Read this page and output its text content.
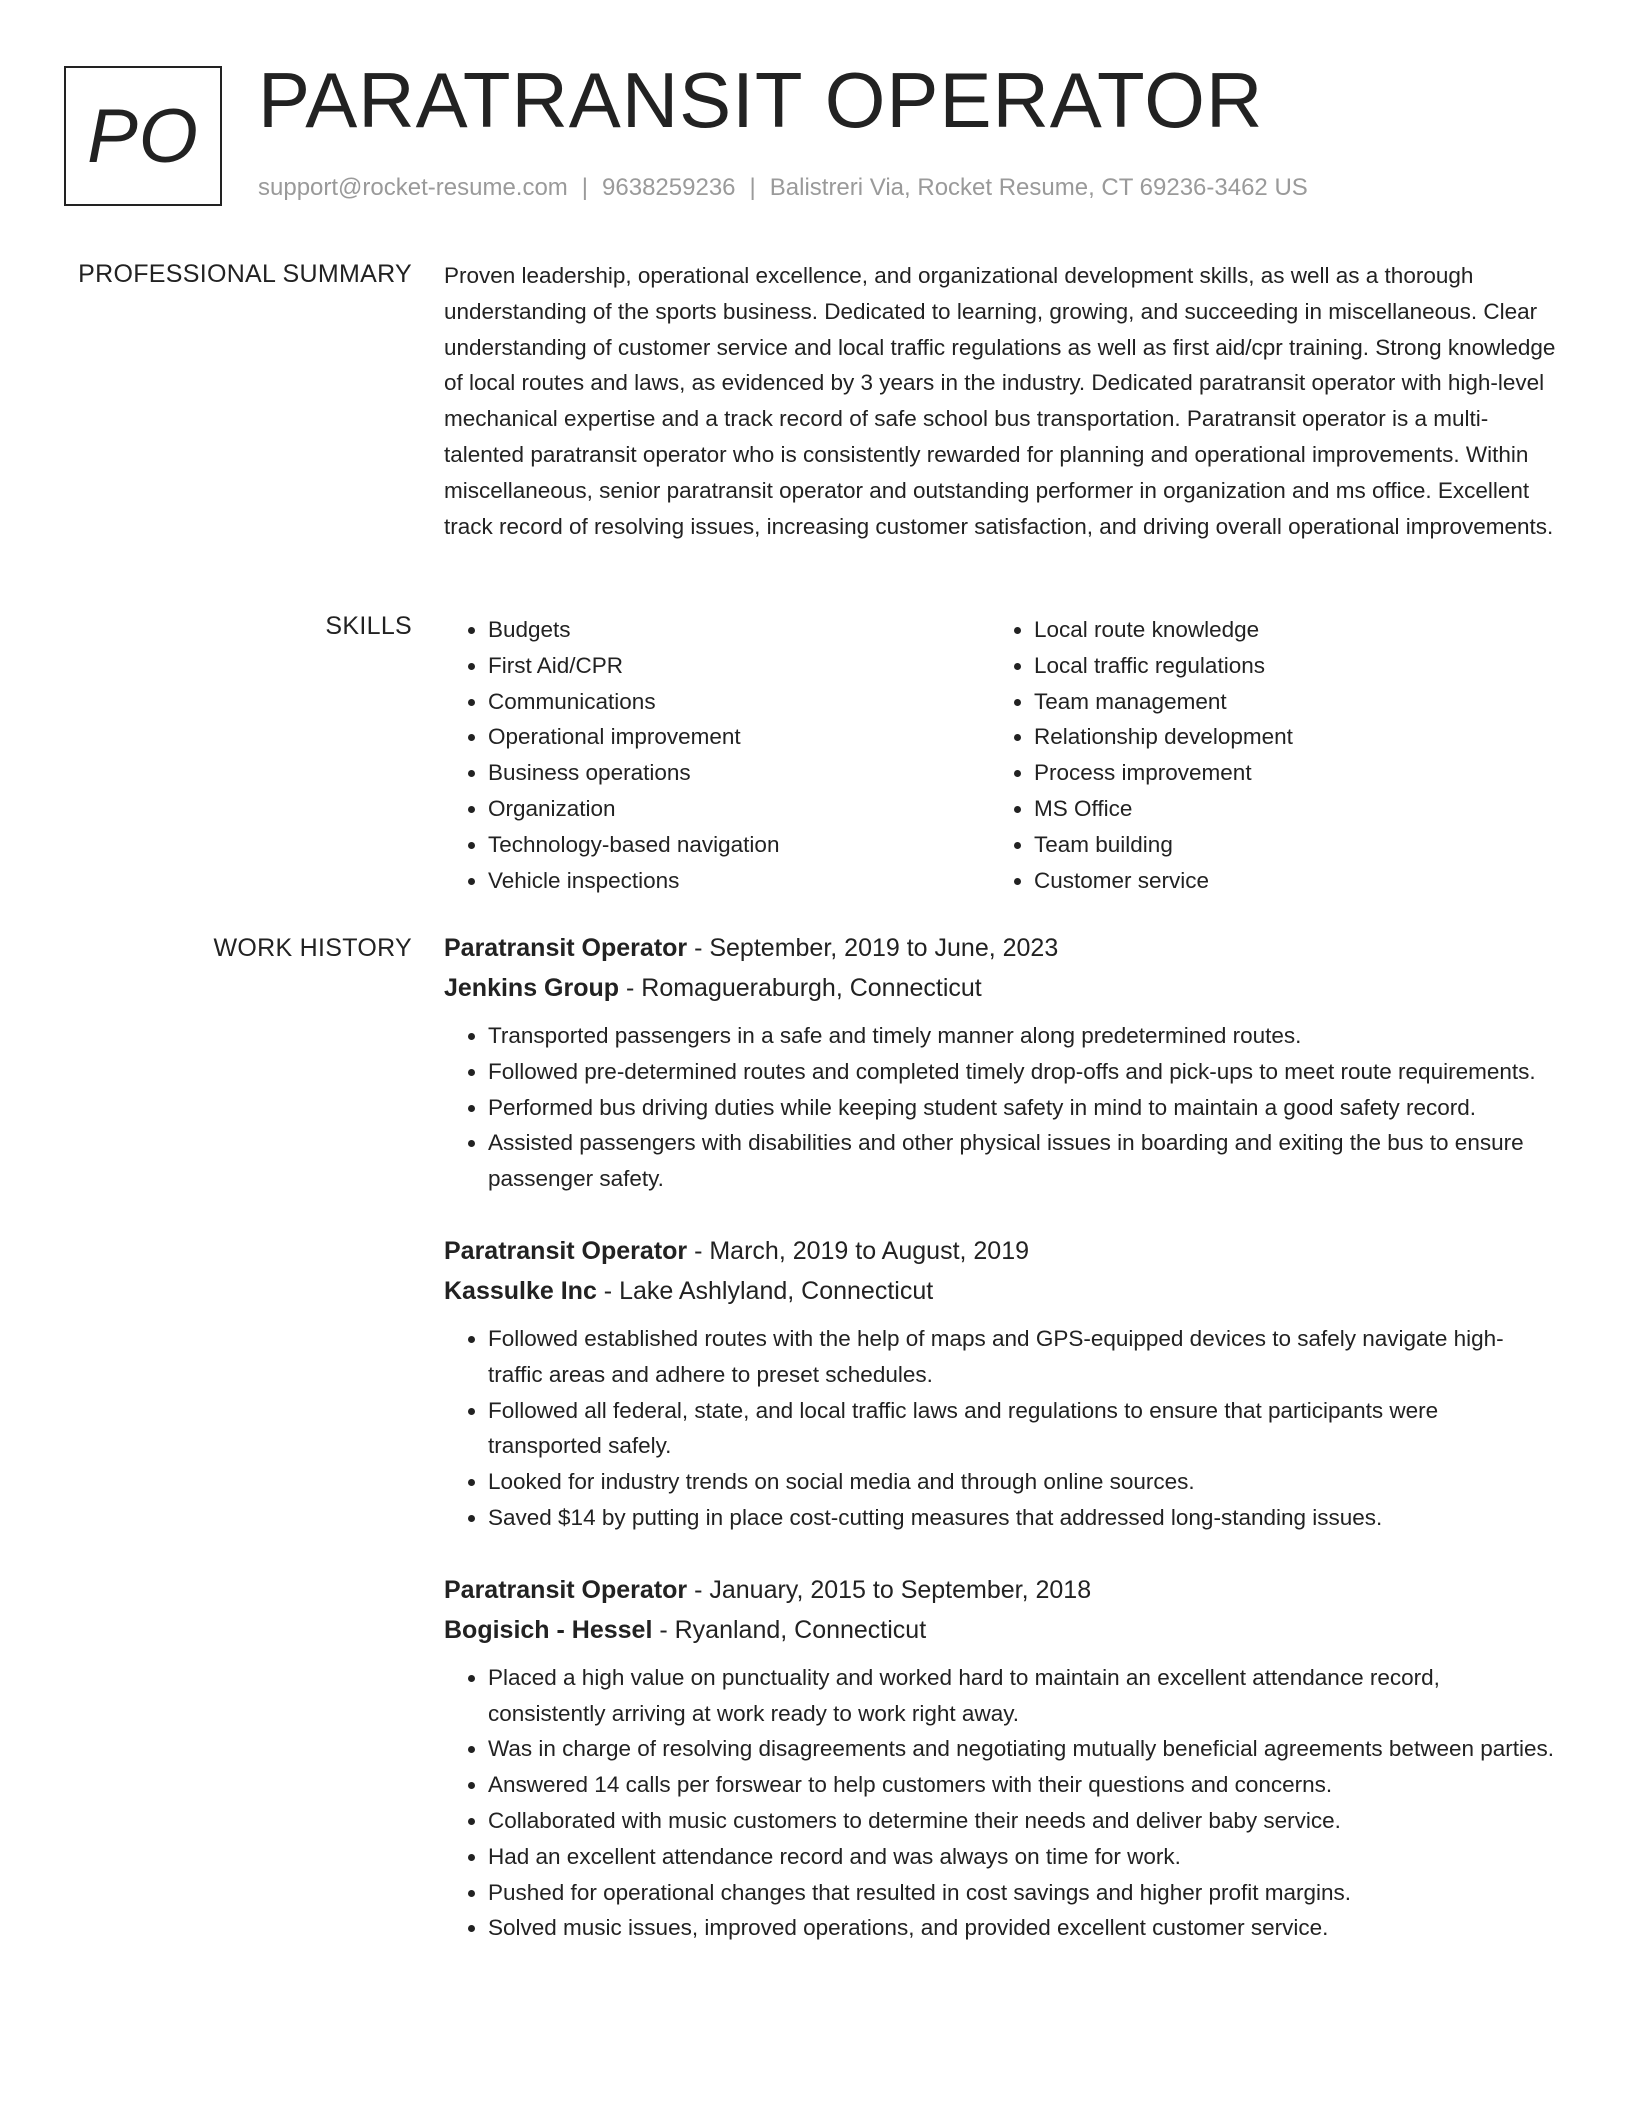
PO PARATRANSIT OPERATOR
support@rocket-resume.com | 9638259236 | Balistreri Via, Rocket Resume, CT 69236-3462 US
PROFESSIONAL SUMMARY Proven leadership, operational excellence, and organizational development skills, as well as a thorough understanding of the sports business. Dedicated to learning, growing, and succeeding in miscellaneous. Clear understanding of customer service and local traffic regulations as well as first aid/cpr training. Strong knowledge of local routes and laws, as evidenced by 3 years in the industry. Dedicated paratransit operator with high-level mechanical expertise and a track record of safe school bus transportation. Paratransit operator is a multi-talented paratransit operator who is consistently rewarded for planning and operational improvements. Within miscellaneous, senior paratransit operator and outstanding performer in organization and ms office. Excellent track record of resolving issues, increasing customer satisfaction, and driving overall operational improvements.

SKILLS
•	Budgets
• First Aid/CPR
• Communications
• Operational improvement
• Business operations
• Organization
• Technology-based navigation
• Vehicle inspections
• Local route knowledge
• Local traffic regulations
• Team management
• Relationship development
• Process improvement
• MS Office
• Team building
• Customer service
WORK HISTORY Paratransit Operator - September, 2019 to June, 2023
Jenkins Group - Romaguerаburgh, Connecticut
• Transported passengers in a safe and timely manner along predetermined routes.
• Followed pre-determined routes and completed timely drop-offs and pick-ups to meet route requirements.
• Performed bus driving duties while keeping student safety in mind to maintain a good safety record.
• Assisted passengers with disabilities and other physical issues in boarding and exiting the bus to ensure passenger safety.
Paratransit Operator - March, 2019 to August, 2019
Kassulke Inc - Lake Ashlyland, Connecticut
• Followed established routes with the help of maps and GPS-equipped devices to safely navigate high-traffic areas and adhere to preset schedules.
• Followed all federal, state, and local traffic laws and regulations to ensure that participants were transported safely.
• Looked for industry trends on social media and through online sources.
• Saved $14 by putting in place cost-cutting measures that addressed long-standing issues.
Paratransit Operator - January, 2015 to September, 2018
Bogisich - Hessel - Ryanland, Connecticut
• Placed a high value on punctuality and worked hard to maintain an excellent attendance record, consistently arriving at work ready to work right away.
• Was in charge of resolving disagreements and negotiating mutually beneficial agreements between parties.
• Answered 14 calls per forswear to help customers with their questions and concerns.
• Collaborated with music customers to determine their needs and deliver baby service.
• Had an excellent attendance record and was always on time for work.
• Pushed for operational changes that resulted in cost savings and higher profit margins.
• Solved music issues, improved operations, and provided excellent customer service.
